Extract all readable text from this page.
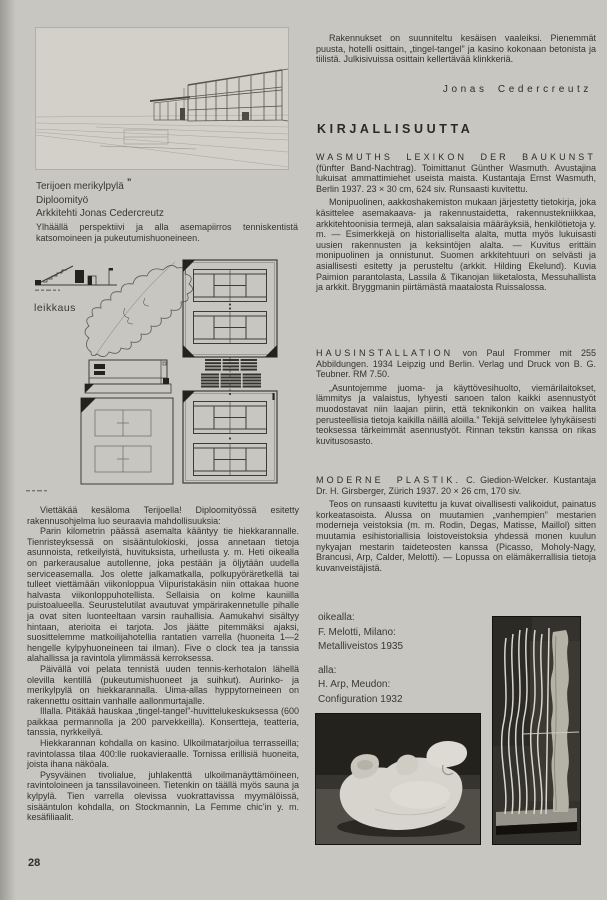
Terijoen merikylpylä ”
Diploomityö
Arkkitehti Jonas Cedercreutz
Ylhäällä perspektiivi ja alla asemapiirros tenniskentistä katsomoineen ja pukeutumishuoneineen.
leikkaus

Viettäkää kesäloma Terijoella! Diploomityössä esitetty rakennusohjelma luo seuraavia mahdollisuuksia:

Parin kilometrin päässä asemalta kääntyy tie hiekkarannalle. Tienristeyksessä on sisääntulokioski, jossa annetaan tietoja asunnoista, retkeilyistä, huvituksista, urheilusta y. m. Heti oikealla on parkerausalue autollenne, joka pestään ja öljytään uudella serviceasemalla. Jos olette jalkamatkalla, polkupyöräretkellä tai tulleet viettämään viikonloppua Viipuristakäsin niin ottakaa huone halvasta viikonloppuhotellista. Sellaisia on kolme kauniilla puistoalueella. Seurustelutilat avautuvat ympärirakennetulle pihalle ja ovat siten luonteeltaan varsin rauhallisia. Aamukahvi sisältyy hintaan, aterioita ei tarjota. Jos jäätte pitemmäksi ajaksi, suosittelemme matkoilijahotellia rantatien varrella (huoneita 1—2 hengelle kylpyhuoneineen tai ilman). Five o clock tea ja tanssia alahallissa ja ravintola ylimmässä kerroksessa.

Päivällä voi pelata tennistä uuden tennis-kerhotalon lähellä olevilla kentillä (pukeutumishuoneet ja suihkut). Aurinko- ja merikylpylä on hiekkarannalla. Uima-allas hyppytorneineen on rakennettu osittain vanhalle aallonmurtajalle.

Illalla. Pitäkää hauskaa „tingel-tangel”-huvittelukeskuksessa (600 paikkaa permannolla ja 200 parvekkeilla). Konsertteja, teatteria, tanssia, nyrkkeilyä.

Hiekkarannan kohdalla on kasino. Ulkoilmatarjoilua terrasseilla; ravintolassa tilaa 400:lle ruokavieraalle. Tornissa erillisiä huoneita, joista ihana näköala.

Pysyväinen tivolialue, juhlakenttä ulkoilmanäyttämöineen, ravintoloineen ja tanssilavoineen. Tietenkin on täällä myös sauna ja kylpylä. Tien varrella olevissa vuokrattavissa myymälöissä, sisääntulon kohdalla, on Stockmannin, La Femme chic’in y. m. kesäfiliaalit.

28

Rakennukset on suunniteltu kesäisen vaaleiksi. Pienemmät puusta, hotelli osittain, „tingel-tangel” ja kasino kokonaan betonista ja tiilistä. Julkisivuissa osittain kellertävää klinkkeriä.

Jonas Cedercreutz
KIRJALLISUUTTA

WASMUTHS LEXIKON DER BAUKUNST (fünfter Band-Nachtrag). Toimittanut Günther Wasmuth. Avustajina lukuisat ammattimiehet useista maista. Kustantaja Ernst Wasmuth, Berlin 1937. 23 × 30 cm, 624 siv. Runsaasti kuvitettu.

Monipuolinen, aakkoshakemiston mukaan järjestetty tietokirja, joka käsittelee asemakaava- ja rakennustaidetta, rakennustekniikkaa, arkkitehtoonisia termejä, alan saksalaisia määräyksiä, henkilötietoja y. m. — Esimerkkejä on historialliselta alalta, mutta myös lukuisasti uusien rakennusten ja keksintöjen alalta. — Kuvitus erittäin monipuolinen ja onnistunut. Suomen arkkitehtuuri on selvästi ja asiallisesti esitetty ja perusteltu (arkkit. Hilding Ekelund). Kuvia Paimion parantolasta, Lassila & Tikanojan liiketalosta, Messuhallista ja arkkit. Bryggmanin piirtämästä maatalosta Ruissalossa.

HAUSINSTALLATION von Paul Frommer mit 255 Abbildungen. 1934 Leipzig und Berlin. Verlag und Druck von B. G. Teubner. RM 7.50.

„Asuntojemme juoma- ja käyttövesihuolto, viemärilaitokset, lämmitys ja valaistus, lyhyesti sanoen talon kaikki asennustyöt muodostavat niin laajan piirin, että teknikonkin on vaikea hallita perusteellisia tietoja kaikilla näillä aloilla.” Tekijä selvittelee lyhykäisesti teoksessa tärkeimmät asennustyöt. Rinnan tekstin kanssa on rikas kuvitusosasto.

MODERNE PLASTIK. C. Giedion-Welcker. Kustantaja Dr. H. Girsberger, Zürich 1937. 20 × 26 cm, 170 siv.

Teos on runsaasti kuvitettu ja kuvat oivallisesti valikoidut, painatus korkeatasoista. Alussa on muutamien „vanhempien” mestarien moderneja veistoksia (m. m. Rodin, Degas, Matisse, Maillol) sitten muutamia esihistoriallisia loistoveistoksia yhdessä monen kuulun nykyajan mestarin taideteosten kanssa (Picasso, Moholy-Nagy, Brancusi, Arp, Calder, Melotti). — Lopussa on elämäkerrallisia tietoja kuvanveistäjistä.

oikealla:
F. Melotti, Milano:
Metalliveistos 1935
alla:
H. Arp, Meudon:
Configuration 1932
